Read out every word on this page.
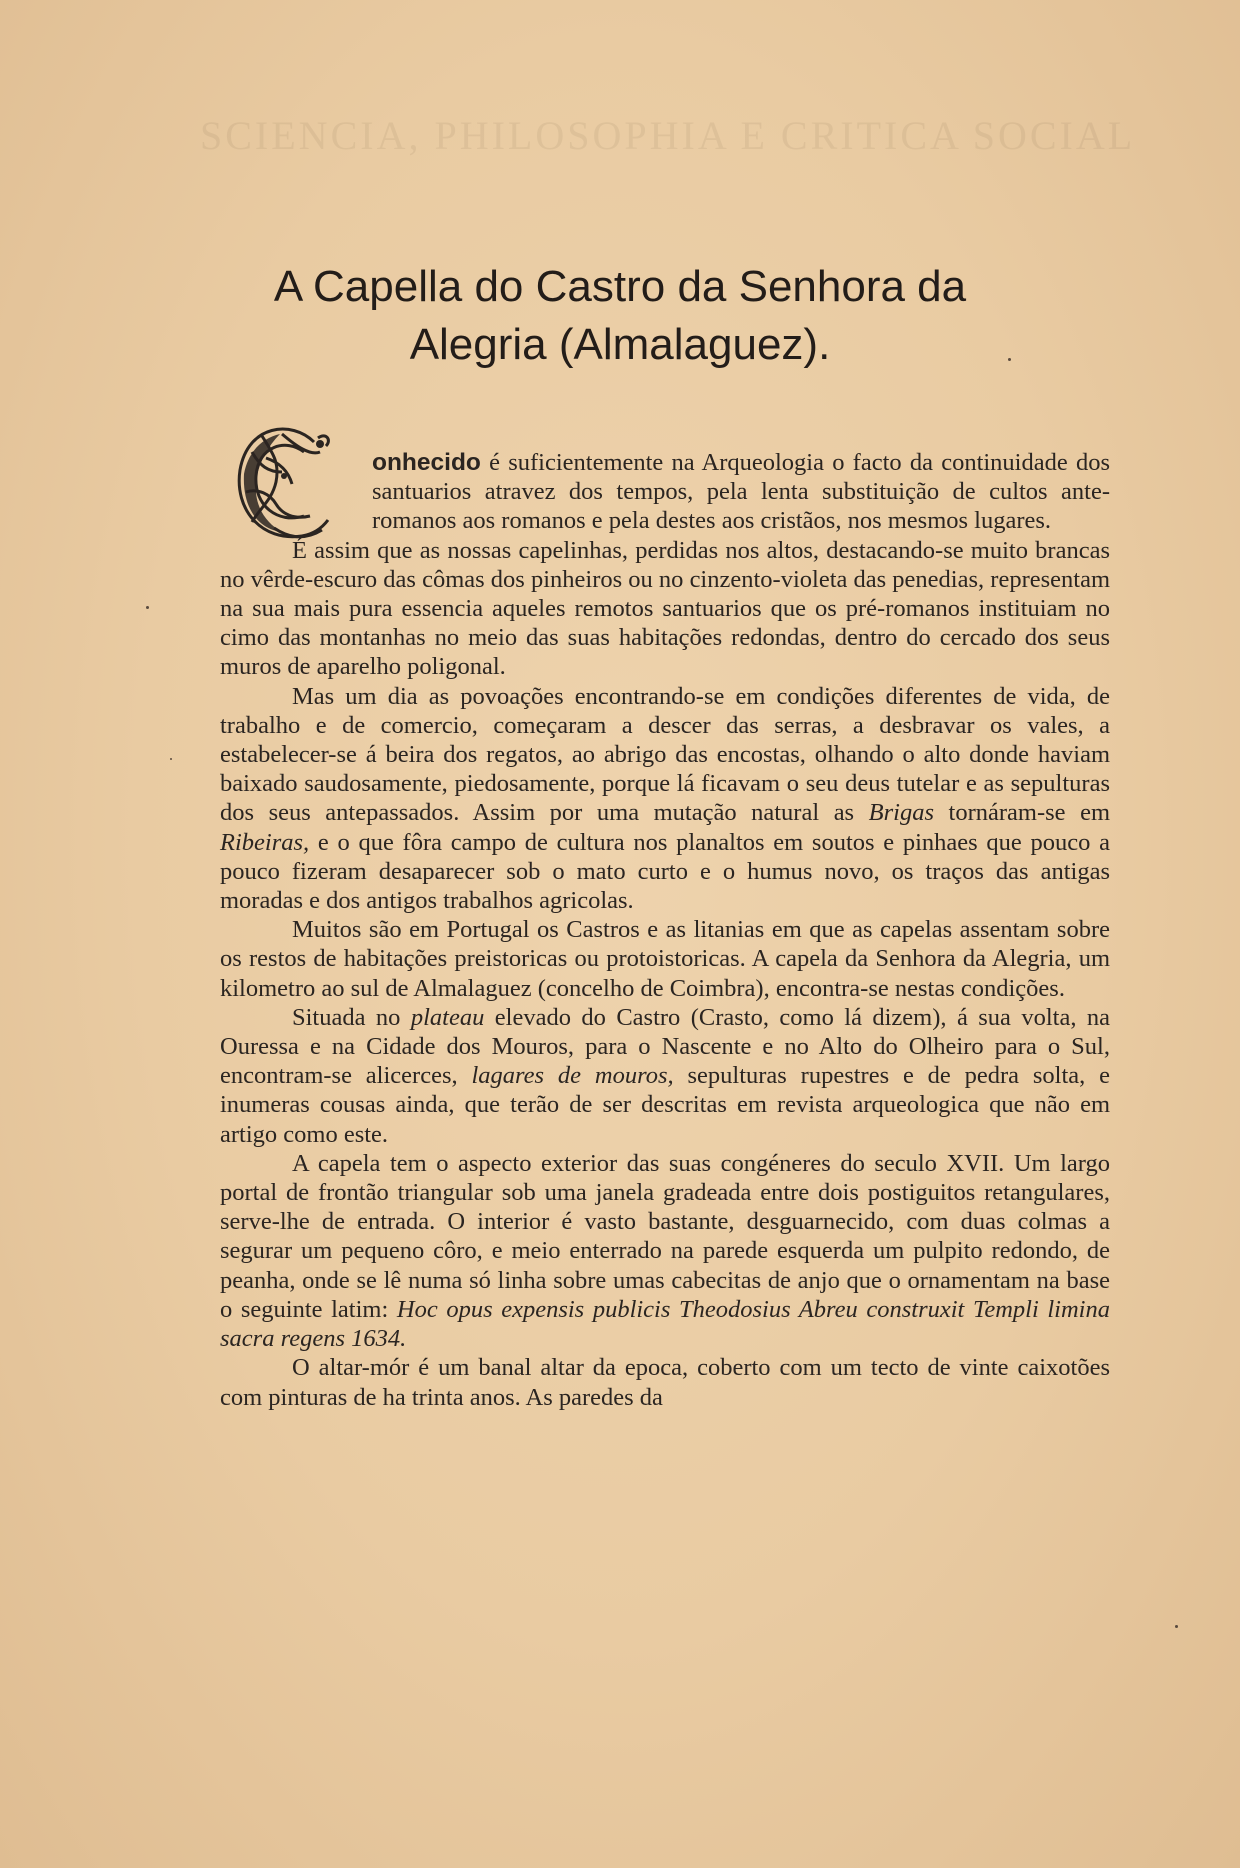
SCIENCIA, PHILOSOPHIA E CRITICA SOCIAL
A Capella do Castro da Senhora da
Alegria (Almalaguez).
C

onhecido é suficientemente na Arqueologia o facto da continuidade dos santuarios atravez dos tempos, pela lenta substituição de cultos ante-romanos aos romanos e pela destes aos cristãos, nos mesmos lugares.

É assim que as nossas capelinhas, perdidas nos altos, destacando-se muito brancas no vêrde-escuro das cômas dos pinheiros ou no cinzento-violeta das penedias, representam na sua mais pura essencia aqueles remotos santuarios que os pré-romanos instituiam no cimo das montanhas no meio das suas habitações redondas, dentro do cercado dos seus muros de aparelho poligonal.

Mas um dia as povoações encontrando-se em condições diferentes de vida, de trabalho e de comercio, começaram a descer das serras, a desbravar os vales, a estabelecer-se á beira dos regatos, ao abrigo das encostas, olhando o alto donde haviam baixado saudosamente, piedosamente, porque lá ficavam o seu deus tutelar e as sepulturas dos seus antepassados. Assim por uma mutação natural as Brigas tornáram-se em Ribeiras, e o que fôra campo de cultura nos planaltos em soutos e pinhaes que pouco a pouco fizeram desaparecer sob o mato curto e o humus novo, os traços das antigas moradas e dos antigos trabalhos agricolas.

Muitos são em Portugal os Castros e as litanias em que as capelas assentam sobre os restos de habitações preistoricas ou protoistoricas. A capela da Senhora da Alegria, um kilometro ao sul de Almalaguez (concelho de Coimbra), encontra-se nestas condições.

Situada no plateau elevado do Castro (Crasto, como lá dizem), á sua volta, na Ouressa e na Cidade dos Mouros, para o Nascente e no Alto do Olheiro para o Sul, encontram-se alicerces, lagares de mouros, sepulturas rupestres e de pedra solta, e inumeras cousas ainda, que terão de ser descritas em revista arqueologica que não em artigo como este.

A capela tem o aspecto exterior das suas congéneres do seculo XVII. Um largo portal de frontão triangular sob uma janela gradeada entre dois postiguitos retangulares, serve-lhe de entrada. O interior é vasto bastante, desguarnecido, com duas colmas a segurar um pequeno côro, e meio enterrado na parede esquerda um pulpito redondo, de peanha, onde se lê numa só linha sobre umas cabecitas de anjo que o ornamentam na base o seguinte latim: Hoc opus expensis publicis Theodosius Abreu construxit Templi limina sacra regens 1634.

O altar-mór é um banal altar da epoca, coberto com um tecto de vinte caixotões com pinturas de ha trinta anos. As paredes da
